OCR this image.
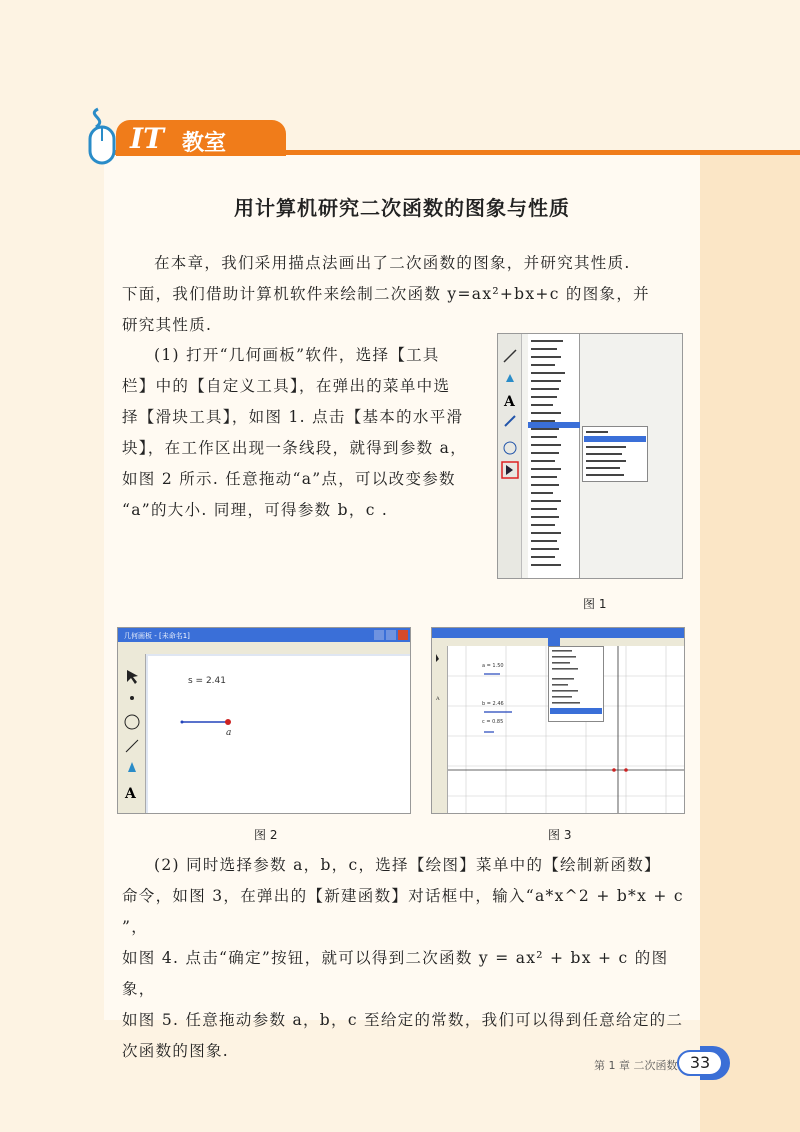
IT 教室
用计算机研究二次函数的图象与性质
在本章，我们采用描点法画出了二次函数的图象，并研究其性质.
下面，我们借助计算机软件来绘制二次函数 y=ax²+bx+c 的图象，并
研究其性质.
(1) 打开“几何画板”软件，选择【工具
栏】中的【自定义工具】，在弹出的菜单中选
择【滑块工具】，如图 1. 点击【基本的水平滑
块】，在工作区出现一条线段，就得到参数 a，
如图 2 所示. 任意拖动“a”点，可以改变参数
“a”的大小. 同理，可得参数 b，c .
A
图 1
几何画板 - [未命名1]
A
s = 2.41
a
图 2
A
a = 1.50
b = 2.46
c = 0.85
图 3
(2) 同时选择参数 a，b，c，选择【绘图】菜单中的【绘制新函数】
命令，如图 3，在弹出的【新建函数】对话框中，输入“a*x^2 + b*x + c ”，
如图 4. 点击“确定”按钮，就可以得到二次函数 y = ax² + bx + c 的图象，
如图 5. 任意拖动参数 a，b，c 至给定的常数，我们可以得到任意给定的二
次函数的图象.
第 1 章 二次函数 33
